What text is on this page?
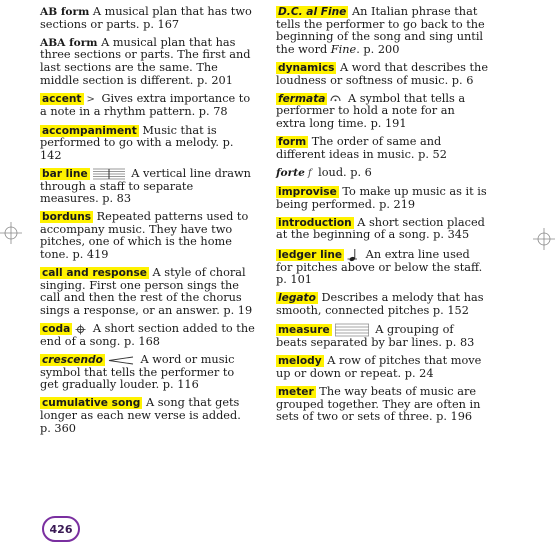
AB form A musical plan that has two sections or parts. p. 167
ABA form A musical plan that has three sections or parts. The first and last sections are the same. The middle section is different. p. 201
accent > Gives extra importance to a note in a rhythm pattern. p. 78
accompaniment Music that is performed to go with a melody. p. 142
bar line	A vertical line drawn through a staff to separate measures. p. 83
borduns Repeated patterns used to accompany music. They have two pitches, one of which is the home tone. p. 419
call and response A style of choral singing. First one person sings the call and then the rest of the chorus sings a response, or an answer. p. 19
coda A short section added to the end of a song. p. 168
crescendo	A word or music symbol that tells the performer to get gradually louder. p. 116
cumulative song A song that gets longer as each new verse is added. p. 360
D.C. al Fine An Italian phrase that tells the performer to go back to the beginning of the song and sing until the word Fine. p. 200
dynamics A word that describes the loudness or softness of music. p. 6
fermata A symbol that tells a performer to hold a note for an extra long time. p. 191
form The order of same and different ideas in music. p. 52
forte f loud. p. 6
improvise To make up music as it is being performed. p. 219
introduction A short section placed at the beginning of a song. p. 345
ledger line An extra line used for pitches above or below the staff. p. 101
legato Describes a melody that has smooth, connected pitches p. 152
measure	A grouping of beats separated by bar lines. p. 83
melody A row of pitches that move up or down or repeat. p. 24
meter The way beats of music are grouped together. They are often in sets of two or sets of three. p. 196
426
